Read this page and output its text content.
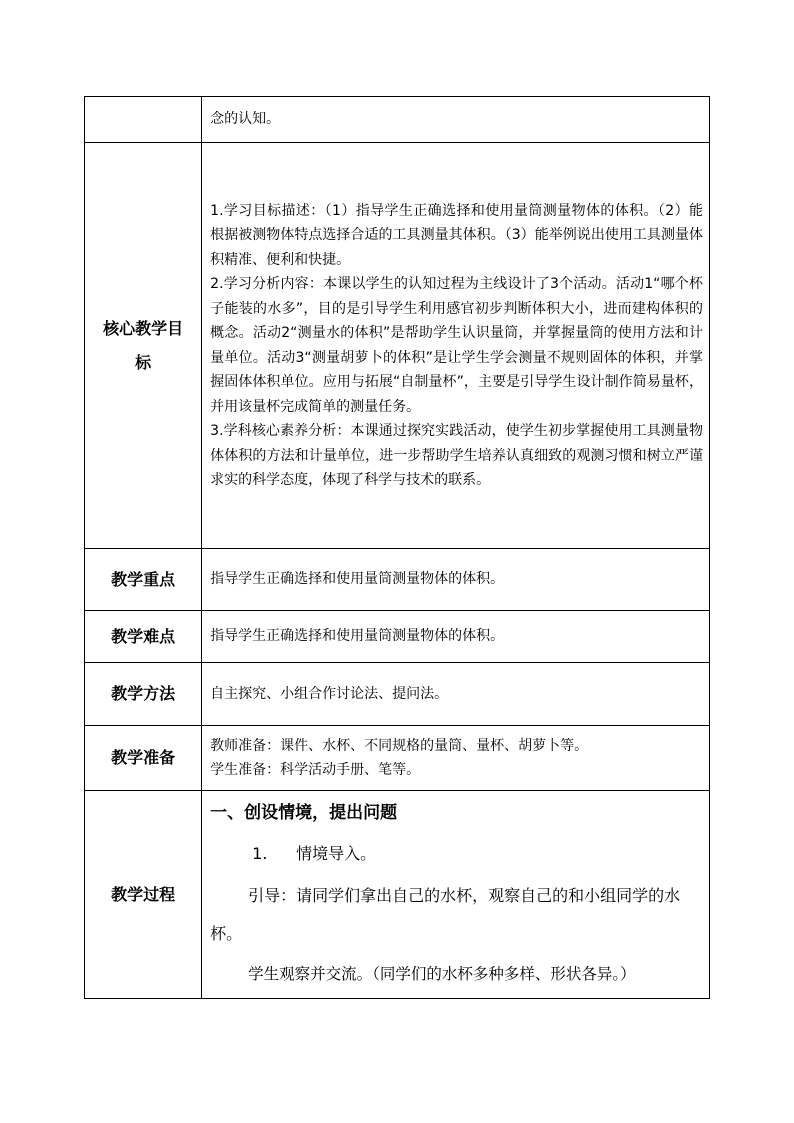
	念的认知。

核心教学目标	1.学习目标描述：（1）指导学生正确选择和使用量筒测量物体的体积。（2）能根据被测物体特点选择合适的工具测量其体积。（3）能举例说出使用工具测量体积精准、便利和快捷。

2.学习分析内容：本课以学生的认知过程为主线设计了3个活动。活动1“哪个杯子能装的水多”，目的是引导学生利用感官初步判断体积大小，进而建构体积的概念。活动2“测量水的体积”是帮助学生认识量筒，并掌握量筒的使用方法和计量单位。活动3“测量胡萝卜的体积”是让学生学会测量不规则固体的体积，并掌握固体体积单位。应用与拓展“自制量杯”，主要是引导学生设计制作简易量杯，并用该量杯完成简单的测量任务。

3.学科核心素养分析：本课通过探究实践活动，使学生初步掌握使用工具测量物体体积的方法和计量单位，进一步帮助学生培养认真细致的观测习惯和树立严谨求实的科学态度，体现了科学与技术的联系。

教学重点	指导学生正确选择和使用量筒测量物体的体积。
教学难点	指导学生正确选择和使用量筒测量物体的体积。
教学方法	自主探究、小组合作讨论法、提问法。
教学准备	教师准备：课件、水杯、不同规格的量筒、量杯、胡萝卜等。

学生准备：科学活动手册、笔等。

教学过程	一、创设情境，提出问题

1. 情境导入。

引导：请同学们拿出自己的水杯，观察自己的和小组同学的水杯。

学生观察并交流。（同学们的水杯多种多样、形状各异。）
